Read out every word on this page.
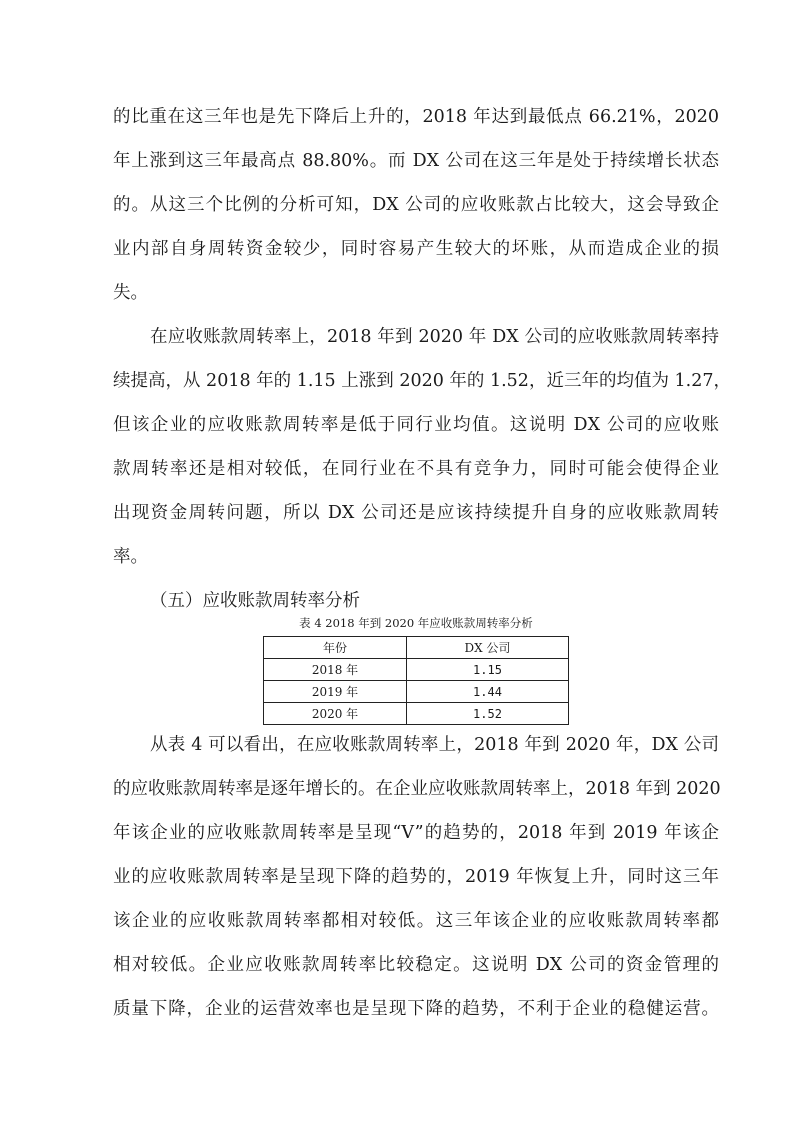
的比重在这三年也是先下降后上升的，2018 年达到最低点 66.21%，2020
年上涨到这三年最高点 88.80%。而 DX 公司在这三年是处于持续增长状态
的。从这三个比例的分析可知，DX 公司的应收账款占比较大，这会导致企
业内部自身周转资金较少，同时容易产生较大的坏账，从而造成企业的损
失。
在应收账款周转率上，2018 年到 2020 年 DX 公司的应收账款周转率持
续提高，从 2018 年的 1.15 上涨到 2020 年的 1.52，近三年的均值为 1.27，
但该企业的应收账款周转率是低于同行业均值。这说明 DX 公司的应收账
款周转率还是相对较低，在同行业在不具有竞争力，同时可能会使得企业
出现资金周转问题，所以 DX 公司还是应该持续提升自身的应收账款周转
率。
（五）应收账款周转率分析
表 4 2018 年到 2020 年应收账款周转率分析
年份	DX 公司
2018 年	1.15
2019 年	1.44
2020 年	1.52
从表 4 可以看出，在应收账款周转率上，2018 年到 2020 年，DX 公司
的应收账款周转率是逐年增长的。在企业应收账款周转率上，2018 年到 2020
年该企业的应收账款周转率是呈现“V”的趋势的，2018 年到 2019 年该企
业的应收账款周转率是呈现下降的趋势的，2019 年恢复上升，同时这三年
该企业的应收账款周转率都相对较低。这三年该企业的应收账款周转率都
相对较低。企业应收账款周转率比较稳定。这说明 DX 公司的资金管理的
质量下降，企业的运营效率也是呈现下降的趋势，不利于企业的稳健运营。
